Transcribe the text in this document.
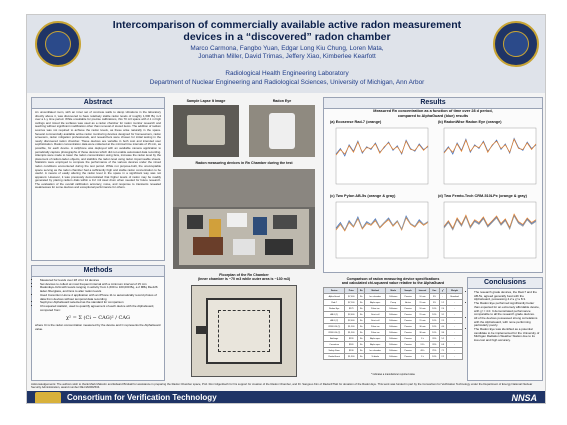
Intercomparison of commercially available active radon measurement
devices in a “discovered” radon chamber
Marco Carmona, Fangbo Yuan, Edgar Long Kiu Chung, Loren Mata,
Jonathan Miller, David Trimas, Jeffery Xiao, Kimberlee Kearfott
Radiological Health Engineering Laboratory
Department of Nuclear Engineering and Radiological Sciences, University of Michigan, Ann Arbor
Abstract
An unventilated room, with an inner set of concrete walls to damp vibrations in the laboratory directly above it, was discovered to have relatively stable radon levels of roughly 1,600 Bq m-3 over a 1-y time period. While unsuitable for precise calibrations, this 70 m3 space with 2.1 m high ceilings and mixed tile surfaces was used as a radon chamber for radon monitor research and teaching without significant modification other than removal of stored items. The addition of radium sources was not required to achieve the radon levels, as these arise naturally in the space. Several commercially available active radon monitoring devices designed for homeowners, radon screeners, radon mitigation professionals, and researchers were chosen for initial testing in the newly discovered radon chamber. These devices are variable in both cost and intended user sophistication. Radon concentration data were collected at the minimal time intervals of 15 min, as possible, for each device. A cellphone was deployed with an available camera application to periodically capture photographs of those devices which did not enable automated data recording. Attempts were made to lower the radon concentration using fans, increase the radon level by the placement of radium-laden objects, and stabilize the radon level using radon impermeable sheets. Statistics were employed to compare the performance of the various devices under the mixed radon conditions encountered during the test period. While not purpose-built, the unoccupiable space serving as the radon chamber had a sufficiently high and stable radon concentration to be useful. A means of easily altering the radon level in the space in a significant way was not apparent. However, it was previously demonstrated that higher levels of radon may be readily generated by placing radium dials within a 0.2 m3 steel drum when needed for future research. The evaluation of the overall calibration accuracy, noise, and response to transients revealed weaknesses for some devices and exceptional performance for others.
Methods
• Measured for levels over 28 d for 14 devices
• Set devices to collect at most frequent interval with a minimum interval of 15 min
• RadonEye-C2A with levels ranging in activity from 1,600 to 100,000 Bq, a 2 MBq Ra-226 laden fiberglass, and fans to alter radon levels
• Used Corentium Home 2 application with an iPhone 11 to automatically record photos of data from devices without temporal data recording
• Sephyrex AlphaGuard selected as the standard for comparison
• Chi-squared statistic, used to quantify agreement of each device with the AlphaGuard, computed from:
χ² = Σ (Ci − CAG)² / CAG
where Ci is the radon concentration measured by the device and C represents the AlphaGuard value.
Sample Lapse It Image	Radon Eye
Radon measuring devices in Rn Chamber during the test
Floorplan of the Rn Chamber
(Inner chamber is ~70 m3 while outer area is ~130 m3)
Results
Measured Rn concentration as a function of time over 28 d period,
compared to AlphaGuard (blue) results
(a) Ecosense Rad-7 (orange)	(b) RadonWise Radon Eye (orange)
(c) Two Pylon AB-5s (orange & gray)	(d) Two Femto-Tech CRM-510LPx (orange & gray)
Comparison of radon measuring device specifications
and calculated chi-squared value relative to the AlphaGuard
Device	Price	Rn	Method	Mode	Sample	Interval	Unc	χ²	Weight
AlphaGuard	$7,000	Rn	Ion chamber	Diffusion	Passive	10 min	3%	-	Standard
Rad-7	$7,100	Rn	Alpha spec	Pump	Active	15 min	5%	1.2	-
Radon Eye	$179	Rn	Pulse ion	Diffusion	Passive	10 min	10%	2.4	-
AB-5 (1)	$2,000	Rn	Scint cell	Diffusion	Passive	15 min	10%	3.1	-
AB-5 (2)	$2,000	Rn	Scint cell	Diffusion	Passive	15 min	10%	2.9	-
CRM-510 (1)	$1,500	Rn	Pulse ion	Diffusion	Passive	30 min	10%	4.0	-
CRM-510 (2)	$1,500	Rn	Pulse ion	Diffusion	Passive	30 min	10%	3.6	-
Airthings	$199	Rn	Alpha spec	Diffusion	Passive	1 h	20%	5.2	-
Corentium	$169	Rn	Alpha spec	Diffusion	Passive	24 h	20%	6.8	-
Safety Siren	$130	Rn	Ion chamber	Diffusion	Passive	48 h	25%	7.5	-
RadonScout	$1,300	Rn	Si diode	Diffusion	Passive	1 h	10%	2.2	-
* Indicates a manufacturer reported value
Conclusions
• The research grade devices, the Rad-7 and the AB-5s, agreed generally best with the AlphaGuard, possessing 4.2 ≤ χ² ≤ 8.3.
• The Radon Eye performed significantly better than expected for an extremely affordable device, with χ² = 4.0. It demonstrated performance comparable to all the research grade devices.
• All of the devices possessed strong correlations with the AlphaGuard, with none performing particularly poorly.
• The Radon Eye was identified as a potential candidate to be implemented for the University of Michigan Radiation Weather Station due to its low-cost and high accuracy.
Acknowledgements: The authors wish to thank Mark Malcolm and Edward Birdsall for assistance in preparing the Radon Chamber space, Prof. Ron Gilgenbach for his support for creation of the Radon Chamber, and Dr. Sangsoo Kim of RadonFTlab for donation of the Radon Eye. This work was funded in part by the Consortium for Verification Technology under the Department of Energy National Nuclear Security Administration, award number DE-NA0002534.
Consortium for Verification Technology	NNSA
